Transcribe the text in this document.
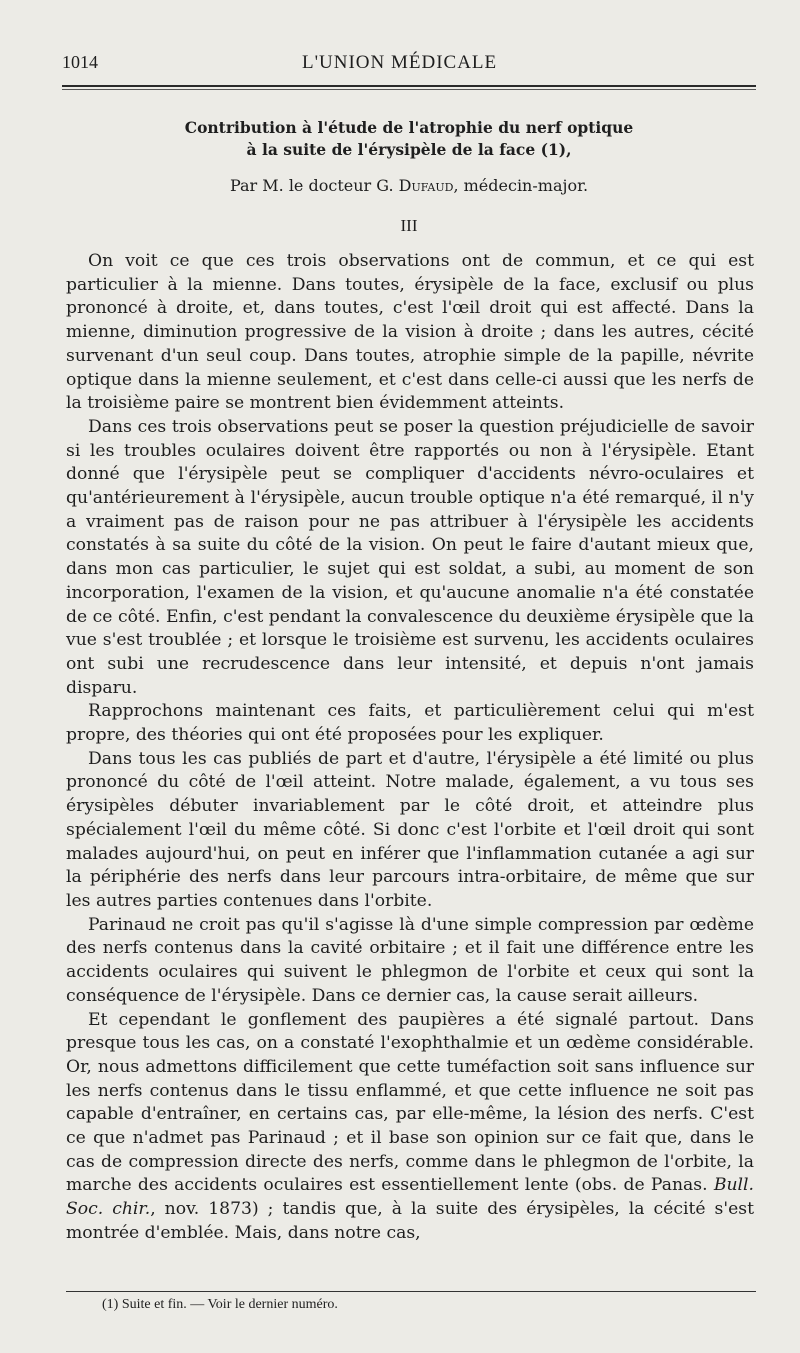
1014	L'UNION MÉDICALE
Contribution à l'étude de l'atrophie du nerf optique
à la suite de l'érysipèle de la face (1),
Par M. le docteur G. Dufaud, médecin-major.
III

On voit ce que ces trois observations ont de commun, et ce qui est particulier à la mienne. Dans toutes, érysipèle de la face, exclusif ou plus prononcé à droite, et, dans toutes, c'est l'œil droit qui est affecté. Dans la mienne, diminution progressive de la vision à droite ; dans les autres, cécité survenant d'un seul coup. Dans toutes, atrophie simple de la papille, névrite optique dans la mienne seulement, et c'est dans celle-ci aussi que les nerfs de la troisième paire se montrent bien évidemment atteints.

Dans ces trois observations peut se poser la question préjudicielle de savoir si les troubles oculaires doivent être rapportés ou non à l'érysipèle. Etant donné que l'érysipèle peut se compliquer d'accidents névro-oculaires et qu'antérieurement à l'érysipèle, aucun trouble optique n'a été remarqué, il n'y a vraiment pas de raison pour ne pas attribuer à l'érysipèle les accidents constatés à sa suite du côté de la vision. On peut le faire d'autant mieux que, dans mon cas particulier, le sujet qui est soldat, a subi, au moment de son incorporation, l'examen de la vision, et qu'aucune anomalie n'a été constatée de ce côté. Enfin, c'est pendant la convalescence du deuxième érysipèle que la vue s'est troublée ; et lorsque le troisième est survenu, les accidents oculaires ont subi une recrudescence dans leur intensité, et depuis n'ont jamais disparu.

Rapprochons maintenant ces faits, et particulièrement celui qui m'est propre, des théories qui ont été proposées pour les expliquer.

Dans tous les cas publiés de part et d'autre, l'érysipèle a été limité ou plus prononcé du côté de l'œil atteint. Notre malade, également, a vu tous ses érysipèles débuter invariablement par le côté droit, et atteindre plus spécialement l'œil du même côté. Si donc c'est l'orbite et l'œil droit qui sont malades aujourd'hui, on peut en inférer que l'inflammation cutanée a agi sur la périphérie des nerfs dans leur parcours intra-orbitaire, de même que sur les autres parties contenues dans l'orbite.

Parinaud ne croit pas qu'il s'agisse là d'une simple compression par œdème des nerfs contenus dans la cavité orbitaire ; et il fait une différence entre les accidents oculaires qui suivent le phlegmon de l'orbite et ceux qui sont la conséquence de l'érysipèle. Dans ce dernier cas, la cause serait ailleurs.

Et cependant le gonflement des paupières a été signalé partout. Dans presque tous les cas, on a constaté l'exophthalmie et un œdème considérable. Or, nous admettons difficilement que cette tuméfaction soit sans influence sur les nerfs contenus dans le tissu enflammé, et que cette influence ne soit pas capable d'entraîner, en certains cas, par elle-même, la lésion des nerfs. C'est ce que n'admet pas Parinaud ; et il base son opinion sur ce fait que, dans le cas de compression directe des nerfs, comme dans le phlegmon de l'orbite, la marche des accidents oculaires est essentiellement lente (obs. de Panas. Bull. Soc. chir., nov. 1873) ; tandis que, à la suite des érysipèles, la cécité s'est montrée d'emblée. Mais, dans notre cas,

(1) Suite et fin. — Voir le dernier numéro.
